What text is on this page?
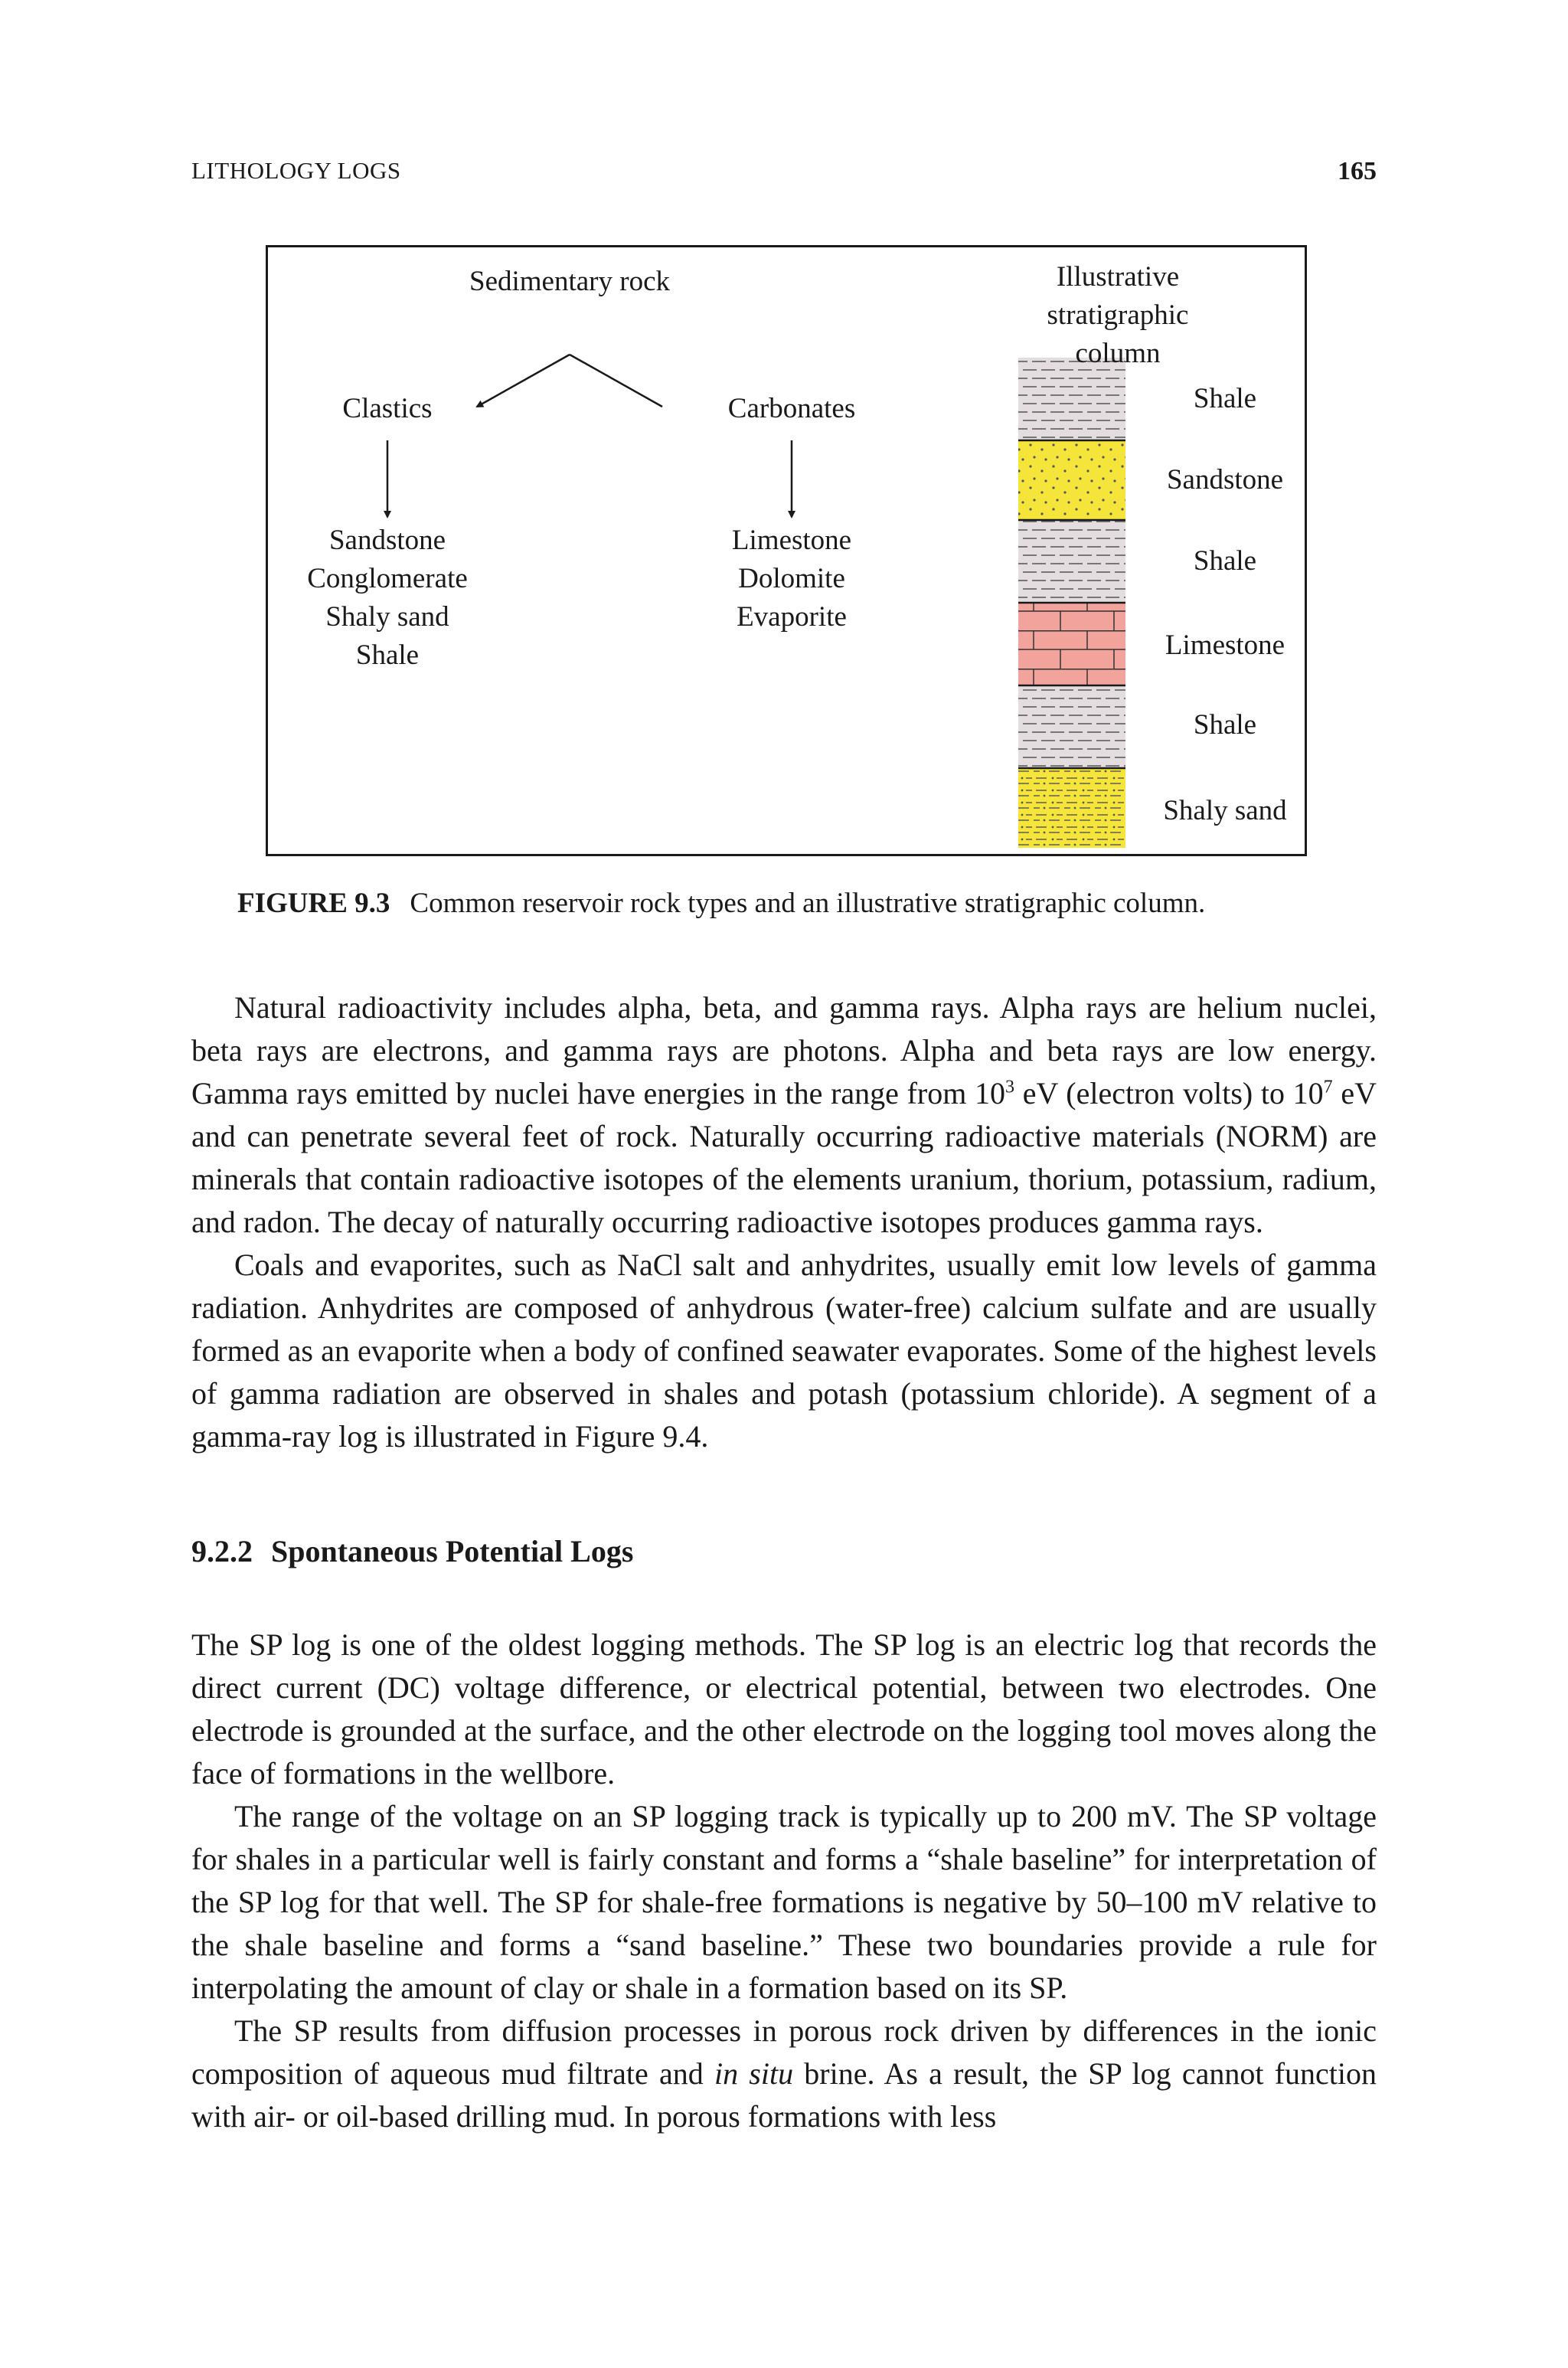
LITHOLOGY LOGS	165
Sedimentary rock
Clastics	Carbonates
Sandstone
Conglomerate
Shaly sand
Shale
Limestone
Dolomite
Evaporite
Illustrative stratigraphic column
Shale
Sandstone
Shale
Limestone
Shale
Shaly sand
FIGURE 9.3 Common reservoir rock types and an illustrative stratigraphic column.

Natural radioactivity includes alpha, beta, and gamma rays. Alpha rays are helium nuclei, beta rays are electrons, and gamma rays are photons. Alpha and beta rays are low energy. Gamma rays emitted by nuclei have energies in the range from $10^3$ eV (electron volts) to $10^7$ eV and can penetrate several feet of rock. Naturally occurring radioactive materials (NORM) are minerals that contain radioactive isotopes of the elements uranium, thorium, potassium, radium, and radon. The decay of naturally occurring radioactive isotopes produces gamma rays.

Coals and evaporites, such as NaCl salt and anhydrites, usually emit low levels of gamma radiation. Anhydrites are composed of anhydrous (water-free) calcium sulfate and are usually formed as an evaporite when a body of confined seawater evaporates. Some of the highest levels of gamma radiation are observed in shales and potash (potassium chloride). A segment of a gamma-ray log is illustrated in Figure 9.4.

9.2.2 Spontaneous Potential Logs

The SP log is one of the oldest logging methods. The SP log is an electric log that records the direct current (DC) voltage difference, or electrical potential, between two electrodes. One electrode is grounded at the surface, and the other electrode on the logging tool moves along the face of formations in the wellbore.

The range of the voltage on an SP logging track is typically up to 200 mV. The SP voltage for shales in a particular well is fairly constant and forms a “shale baseline” for interpretation of the SP log for that well. The SP for shale-free formations is negative by 50–100 mV relative to the shale baseline and forms a “sand baseline.” These two boundaries provide a rule for interpolating the amount of clay or shale in a formation based on its SP.

The SP results from diffusion processes in porous rock driven by differences in the ionic composition of aqueous mud filtrate and in situ brine. As a result, the SP log cannot function with air- or oil-based drilling mud. In porous formations with less
